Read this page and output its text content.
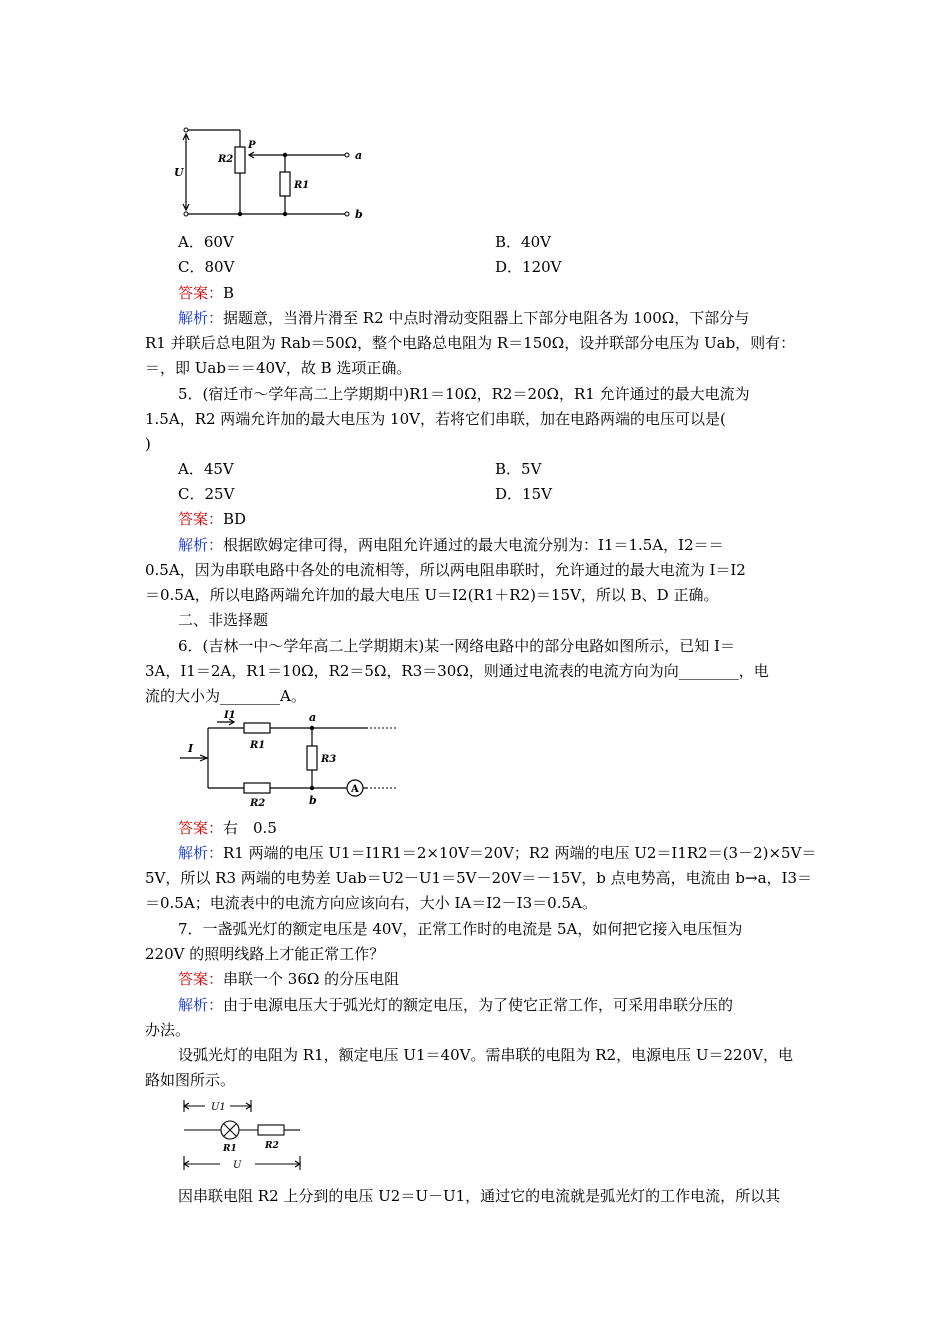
U
R2
P
R1
a
b
A．60V	B．40V
C．80V	D．120V
答案：B
解析：据题意，当滑片滑至 R2 中点时滑动变阻器上下部分电阻各为 100Ω，下部分与
R1 并联后总电阻为 Rab＝50Ω，整个电路总电阻为 R＝150Ω，设并联部分电压为 Uab，则有：
＝，即 Uab＝＝40V，故 B 选项正确。
5．(宿迁市～学年高二上学期期中)R1＝10Ω，R2＝20Ω，R1 允许通过的最大电流为
1.5A，R2 两端允许加的最大电压为 10V，若将它们串联，加在电路两端的电压可以是(
)
A．45V	B．5V
C．25V	D．15V
答案：BD
解析：根据欧姆定律可得，两电阻允许通过的最大电流分别为：I1＝1.5A，I2＝＝
0.5A，因为串联电路中各处的电流相等，所以两电阻串联时，允许通过的最大电流为 I＝I2
＝0.5A，所以电路两端允许加的最大电压 U＝I2(R1＋R2)＝15V，所以 B、D 正确。
二、非选择题
6．(吉林一中～学年高二上学期期末)某一网络电路中的部分电路如图所示，已知 I＝
3A，I1＝2A，R1＝10Ω，R2＝5Ω，R3＝30Ω，则通过电流表的电流方向为向________，电
流的大小为________A。
A
I
I1
R1
R2
R3
a
b
答案：右　0.5
解析：R1 两端的电压 U1＝I1R1＝2×10V＝20V；R2 两端的电压 U2＝I1R2＝(3－2)×5V＝
5V，所以 R3 两端的电势差 Uab＝U2－U1＝5V－20V＝－15V，b 点电势高，电流由 b→a，I3＝
＝0.5A；电流表中的电流方向应该向右，大小 IA＝I2－I3＝0.5A。
7．一盏弧光灯的额定电压是 40V，正常工作时的电流是 5A，如何把它接入电压恒为
220V 的照明线路上才能正常工作？
答案：串联一个 36Ω 的分压电阻
解析：由于电源电压大于弧光灯的额定电压，为了使它正常工作，可采用串联分压的
办法。
设弧光灯的电阻为 R1，额定电压 U1＝40V。需串联的电阻为 R2，电源电压 U＝220V，电
路如图所示。
U1
R1	R2
U
因串联电阻 R2 上分到的电压 U2＝U－U1，通过它的电流就是弧光灯的工作电流，所以其
